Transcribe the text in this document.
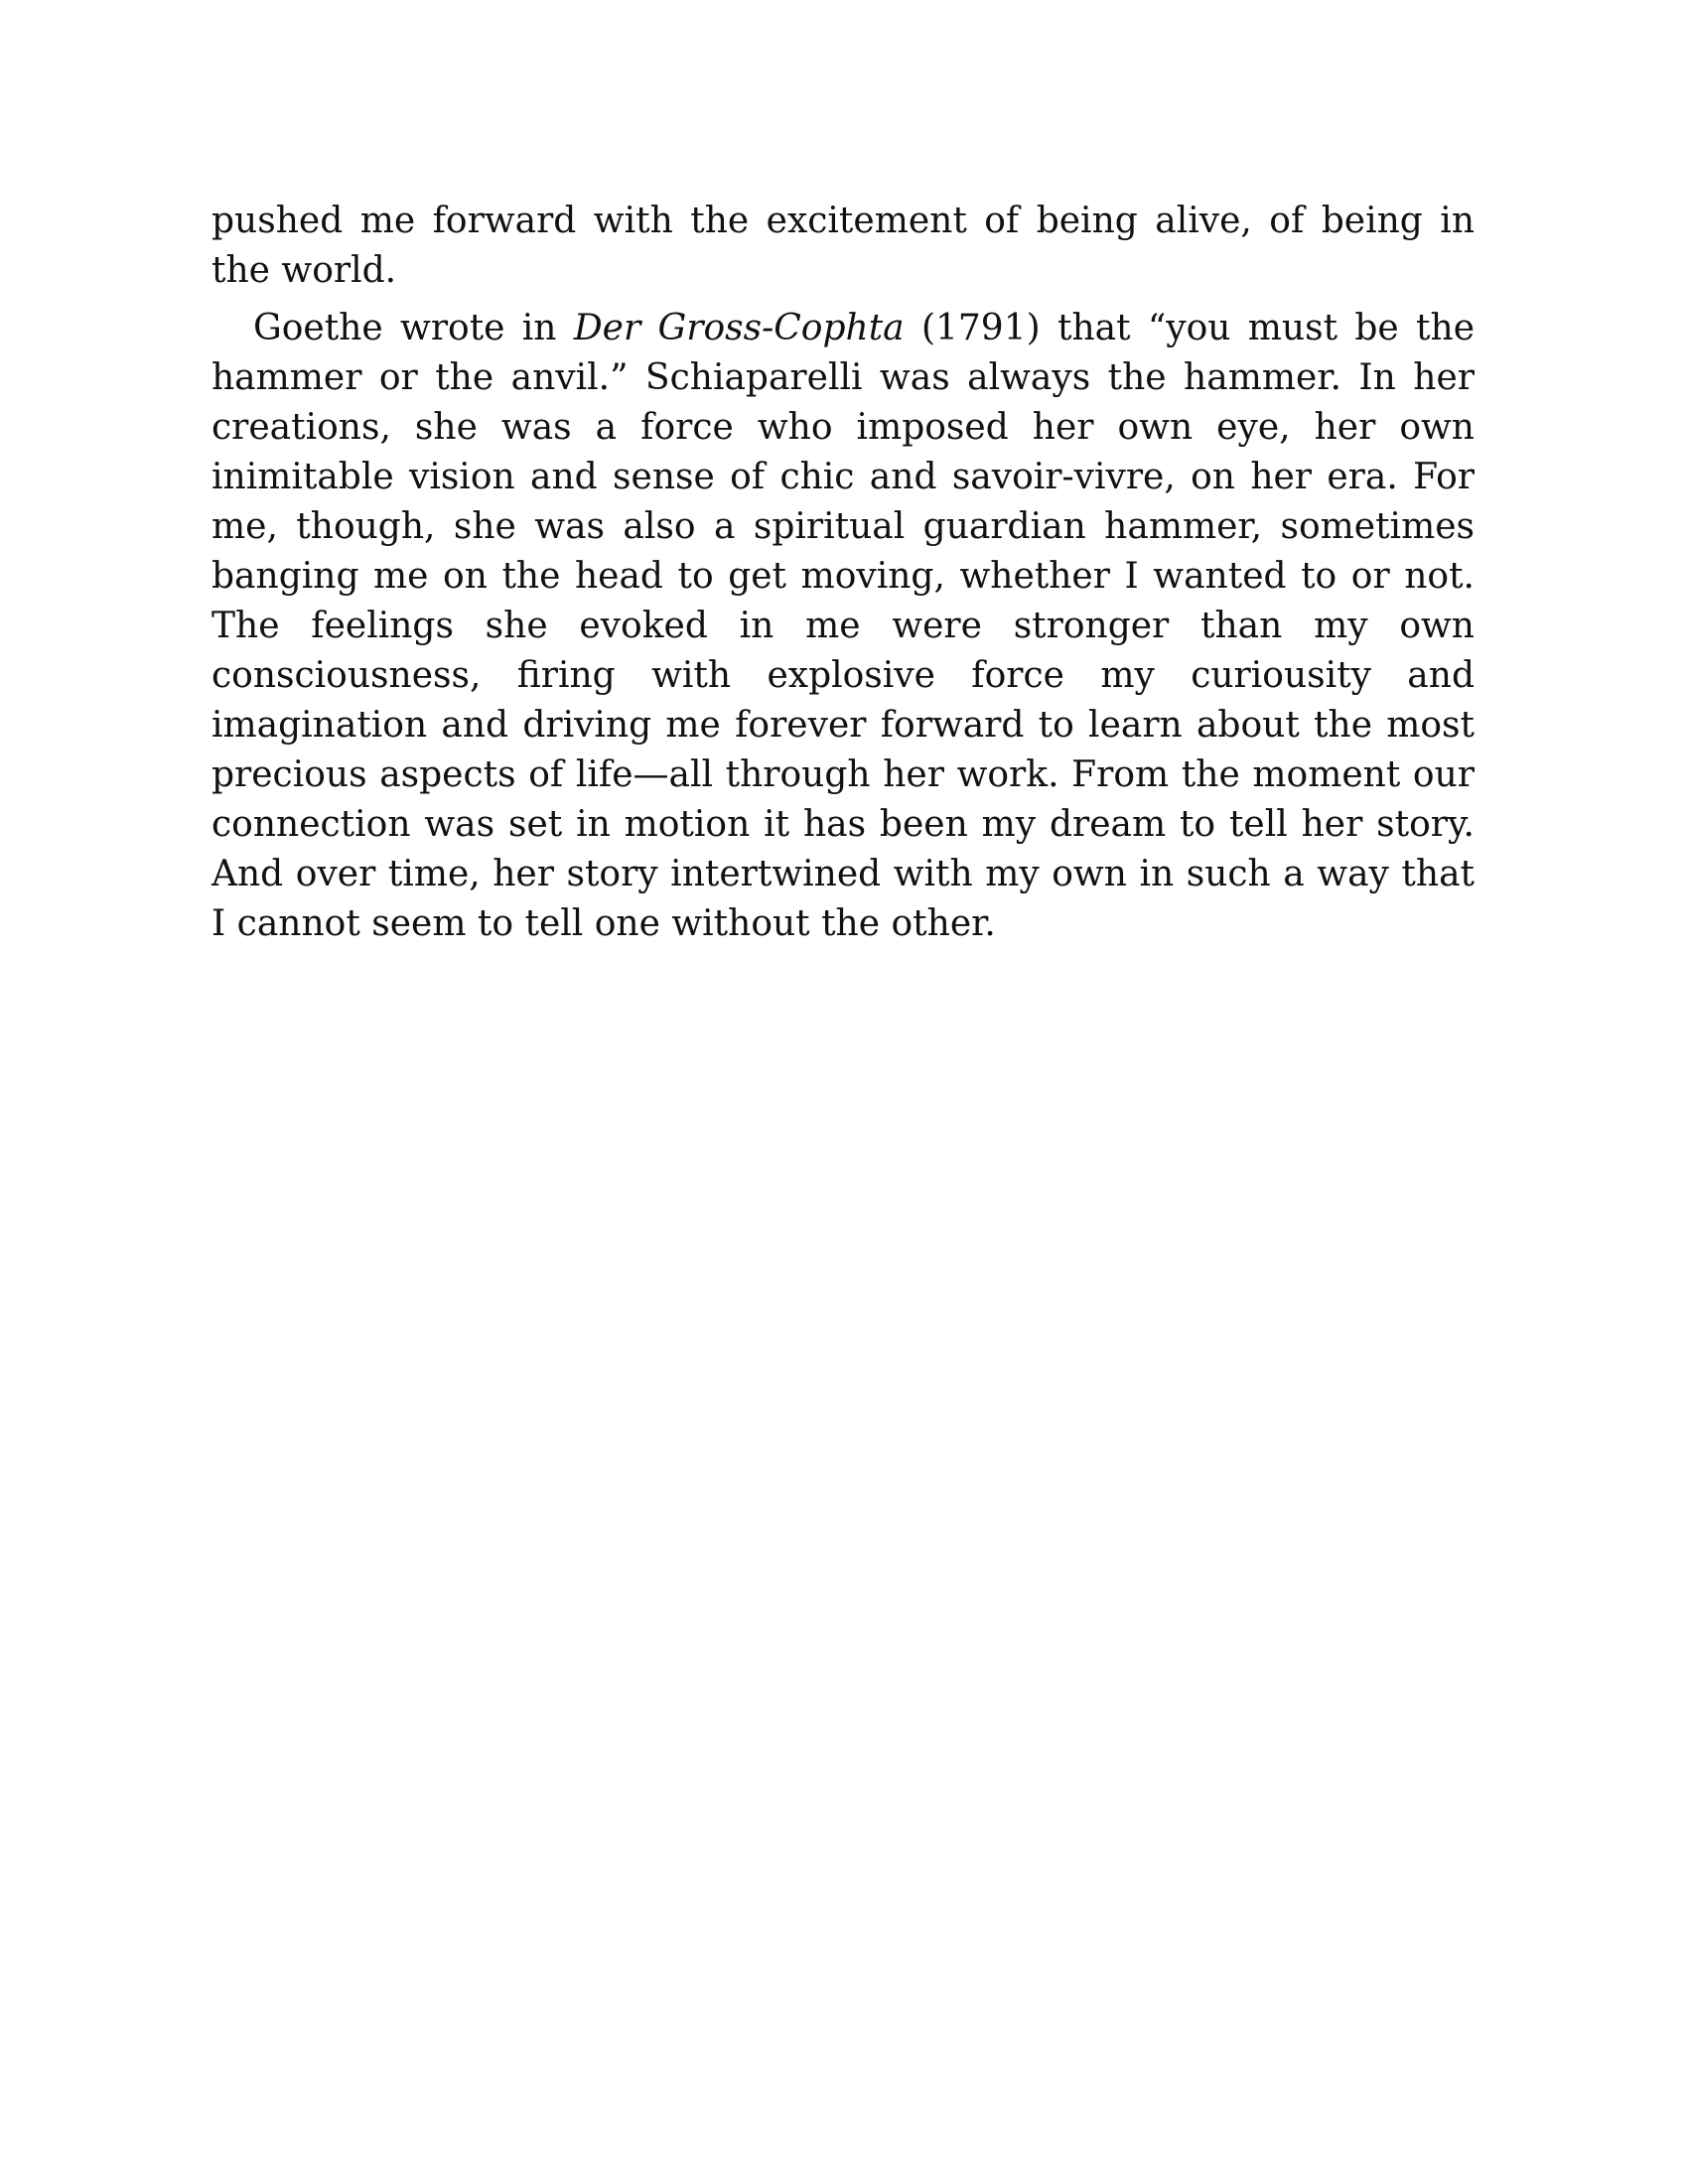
pushed me forward with the excitement of being alive, of being in the world.

Goethe wrote in Der Gross-Cophta (1791) that “you must be the hammer or the anvil.” Schiaparelli was always the hammer. In her creations, she was a force who imposed her own eye, her own inimitable vision and sense of chic and savoir-vivre, on her era. For me, though, she was also a spiritual guardian hammer, sometimes banging me on the head to get moving, whether I wanted to or not. The feelings she evoked in me were stronger than my own consciousness, firing with explosive force my curiousity and imagination and driving me forever forward to learn about the most precious aspects of life—all through her work. From the moment our connection was set in motion it has been my dream to tell her story. And over time, her story intertwined with my own in such a way that I cannot seem to tell one without the other.
